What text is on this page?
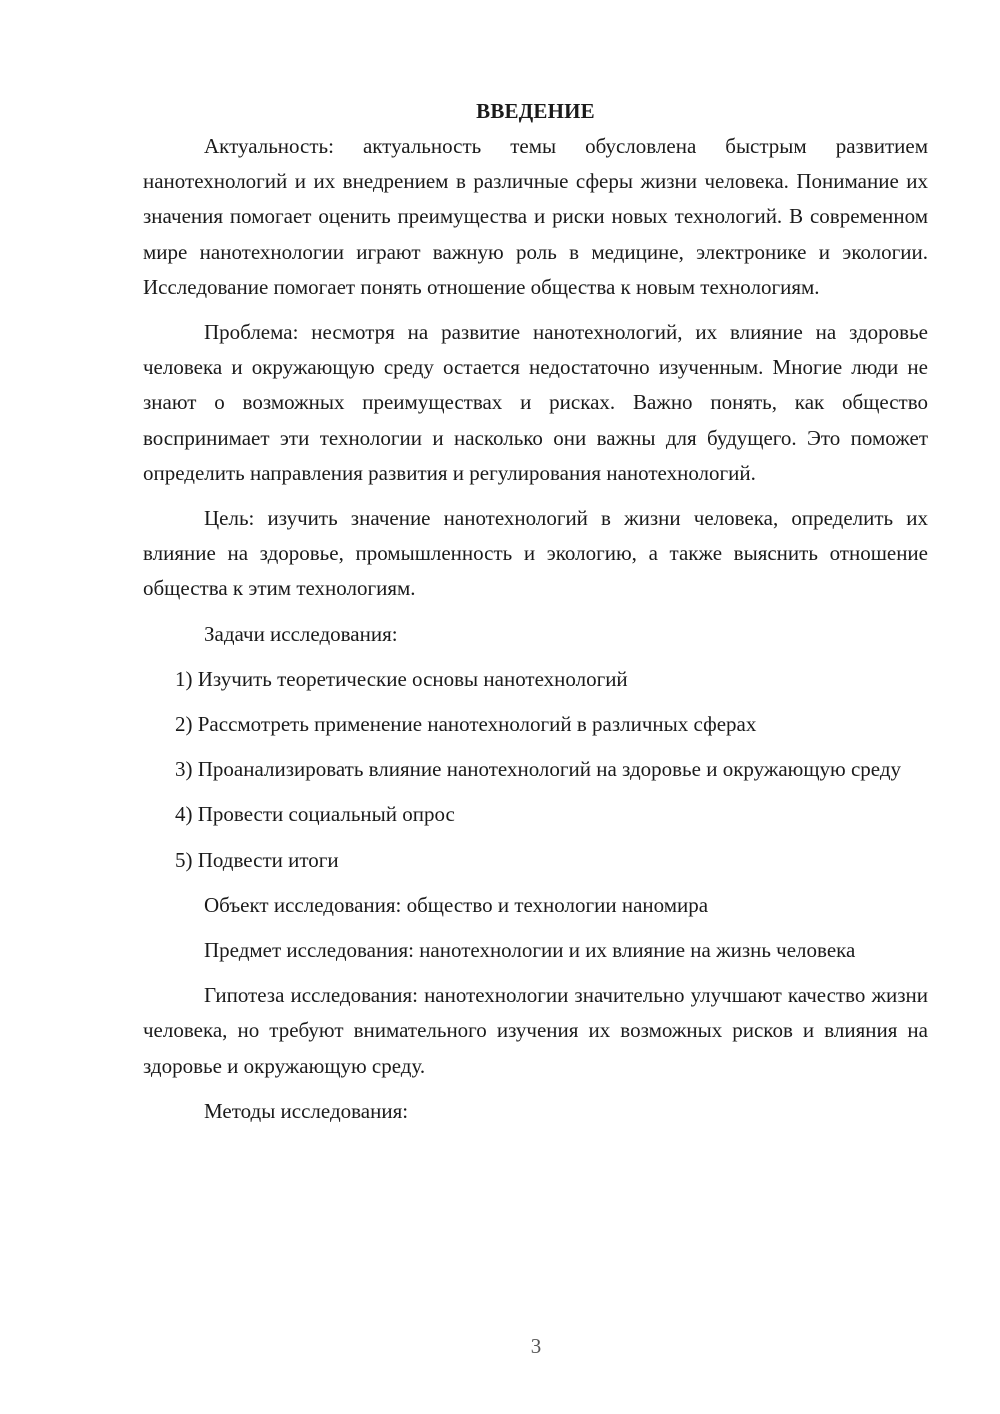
ВВЕДЕНИЕ

Актуальность: актуальность темы обусловлена быстрым развитием нанотехнологий и их внедрением в различные сферы жизни человека. Понимание их значения помогает оценить преимущества и риски новых технологий. В современном мире нанотехнологии играют важную роль в медицине, электронике и экологии. Исследование помогает понять отношение общества к новым технологиям.

Проблема: несмотря на развитие нанотехнологий, их влияние на здоровье человека и окружающую среду остается недостаточно изученным. Многие люди не знают о возможных преимуществах и рисках. Важно понять, как общество воспринимает эти технологии и насколько они важны для будущего. Это поможет определить направления развития и регулирования нанотехнологий.

Цель: изучить значение нанотехнологий в жизни человека, определить их влияние на здоровье, промышленность и экологию, а также выяснить отношение общества к этим технологиям.

Задачи исследования:

1) Изучить теоретические основы нанотехнологий

2) Рассмотреть применение нанотехнологий в различных сферах

3) Проанализировать влияние нанотехнологий на здоровье и окружающую среду

4) Провести социальный опрос

5) Подвести итоги

Объект исследования: общество и технологии наномира

Предмет исследования: нанотехнологии и их влияние на жизнь человека

Гипотеза исследования: нанотехнологии значительно улучшают качество жизни человека, но требуют внимательного изучения их возможных рисков и влияния на здоровье и окружающую среду.

Методы исследования:

3
